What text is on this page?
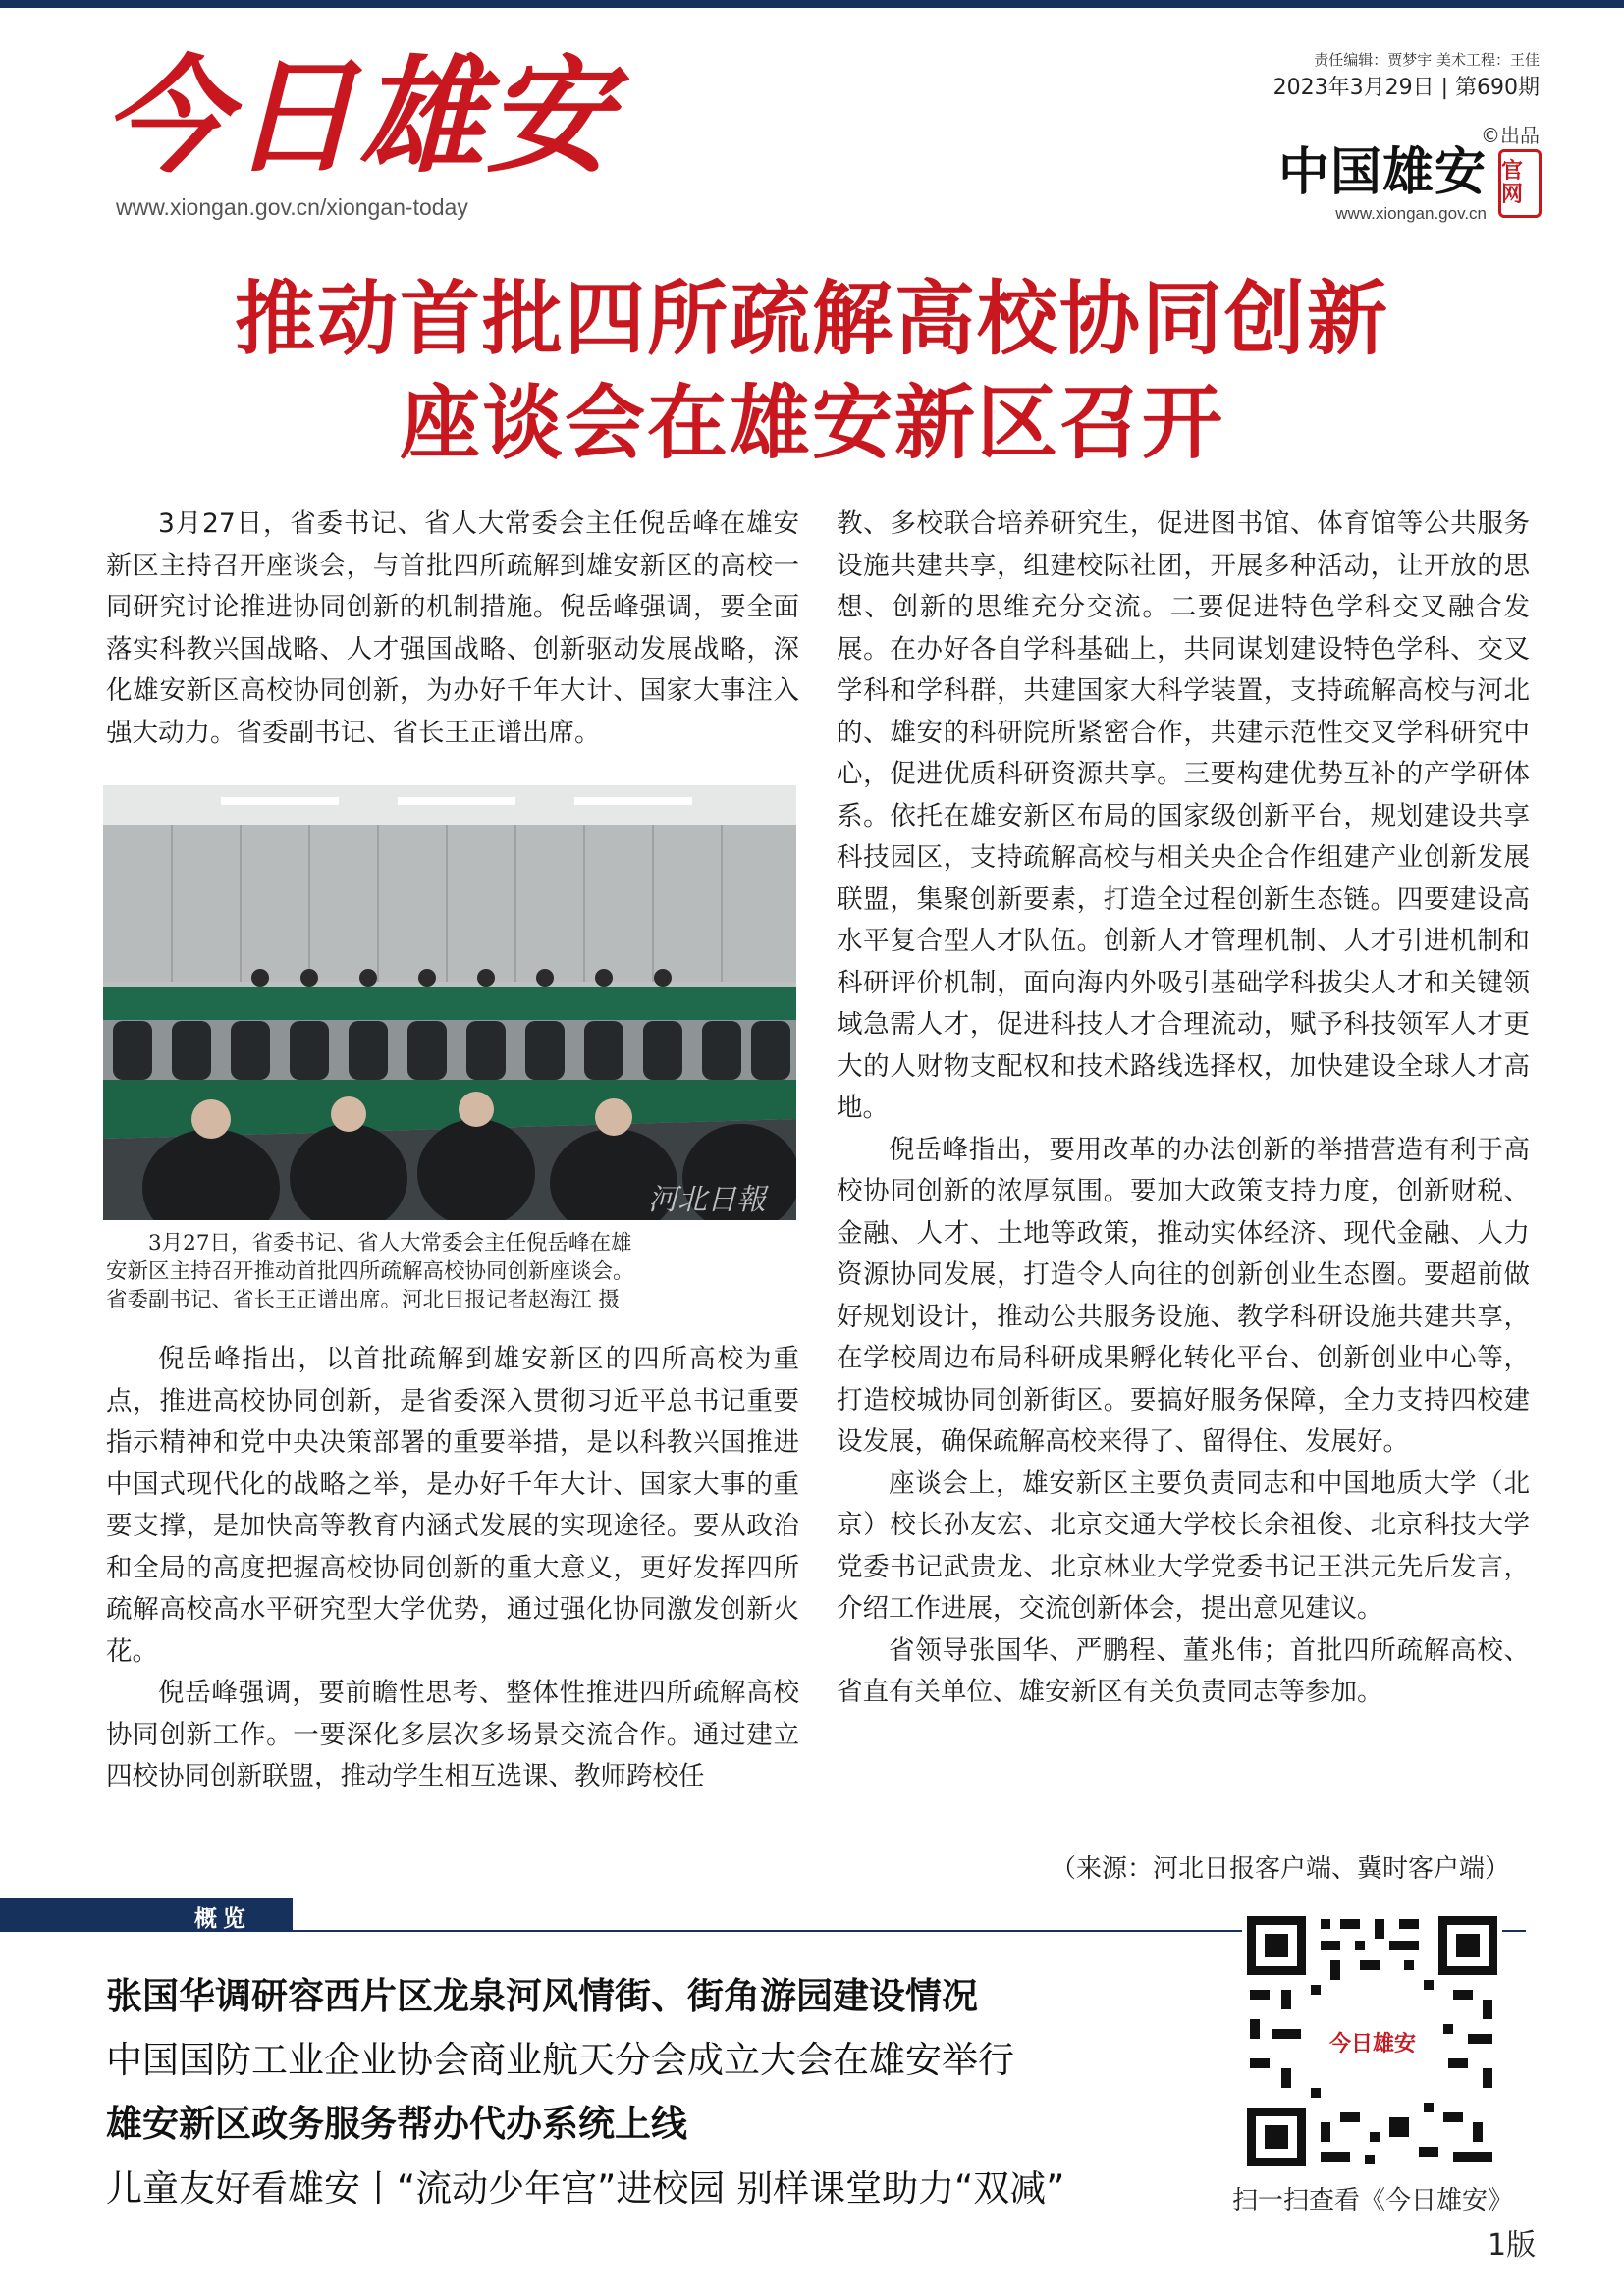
今日雄安
www.xiongan.gov.cn/xiongan-today
责任编辑：贾梦宇 美术工程：王佳
2023年3月29日 | 第690期
©出品
中国雄安 官网
www.xiongan.gov.cn
推动首批四所疏解高校协同创新
座谈会在雄安新区召开

3月27日，省委书记、省人大常委会主任倪岳峰在雄安新区主持召开座谈会，与首批四所疏解到雄安新区的高校一同研究讨论推进协同创新的机制措施。倪岳峰强调，要全面落实科教兴国战略、人才强国战略、创新驱动发展战略，深化雄安新区高校协同创新，为办好千年大计、国家大事注入强大动力。省委副书记、省长王正谱出席。

河北日報
3月27日，省委书记、省人大常委会主任倪岳峰在雄
安新区主持召开推动首批四所疏解高校协同创新座谈会。
省委副书记、省长王正谱出席。河北日报记者赵海江 摄

倪岳峰指出，以首批疏解到雄安新区的四所高校为重点，推进高校协同创新，是省委深入贯彻习近平总书记重要指示精神和党中央决策部署的重要举措，是以科教兴国推进中国式现代化的战略之举，是办好千年大计、国家大事的重要支撑，是加快高等教育内涵式发展的实现途径。要从政治和全局的高度把握高校协同创新的重大意义，更好发挥四所疏解高校高水平研究型大学优势，通过强化协同激发创新火花。

倪岳峰强调，要前瞻性思考、整体性推进四所疏解高校协同创新工作。一要深化多层次多场景交流合作。通过建立四校协同创新联盟，推动学生相互选课、教师跨校任

教、多校联合培养研究生，促进图书馆、体育馆等公共服务设施共建共享，组建校际社团，开展多种活动，让开放的思想、创新的思维充分交流。二要促进特色学科交叉融合发展。在办好各自学科基础上，共同谋划建设特色学科、交叉学科和学科群，共建国家大科学装置，支持疏解高校与河北的、雄安的科研院所紧密合作，共建示范性交叉学科研究中心，促进优质科研资源共享。三要构建优势互补的产学研体系。依托在雄安新区布局的国家级创新平台，规划建设共享科技园区，支持疏解高校与相关央企合作组建产业创新发展联盟，集聚创新要素，打造全过程创新生态链。四要建设高水平复合型人才队伍。创新人才管理机制、人才引进机制和科研评价机制，面向海内外吸引基础学科拔尖人才和关键领域急需人才，促进科技人才合理流动，赋予科技领军人才更大的人财物支配权和技术路线选择权，加快建设全球人才高地。

倪岳峰指出，要用改革的办法创新的举措营造有利于高校协同创新的浓厚氛围。要加大政策支持力度，创新财税、金融、人才、土地等政策，推动实体经济、现代金融、人力资源协同发展，打造令人向往的创新创业生态圈。要超前做好规划设计，推动公共服务设施、教学科研设施共建共享，在学校周边布局科研成果孵化转化平台、创新创业中心等，打造校城协同创新街区。要搞好服务保障，全力支持四校建设发展，确保疏解高校来得了、留得住、发展好。

座谈会上，雄安新区主要负责同志和中国地质大学（北京）校长孙友宏、北京交通大学校长余祖俊、北京科技大学党委书记武贵龙、北京林业大学党委书记王洪元先后发言，介绍工作进展，交流创新体会，提出意见建议。

省领导张国华、严鹏程、董兆伟；首批四所疏解高校、省直有关单位、雄安新区有关负责同志等参加。

（来源：河北日报客户端、冀时客户端）
概览
张国华调研容西片区龙泉河风情街、街角游园建设情况
中国国防工业企业协会商业航天分会成立大会在雄安举行
雄安新区政务服务帮办代办系统上线
儿童友好看雄安丨“流动少年宫”进校园 别样课堂助力“双减”
今日雄安
扫一扫查看《今日雄安》
1版
